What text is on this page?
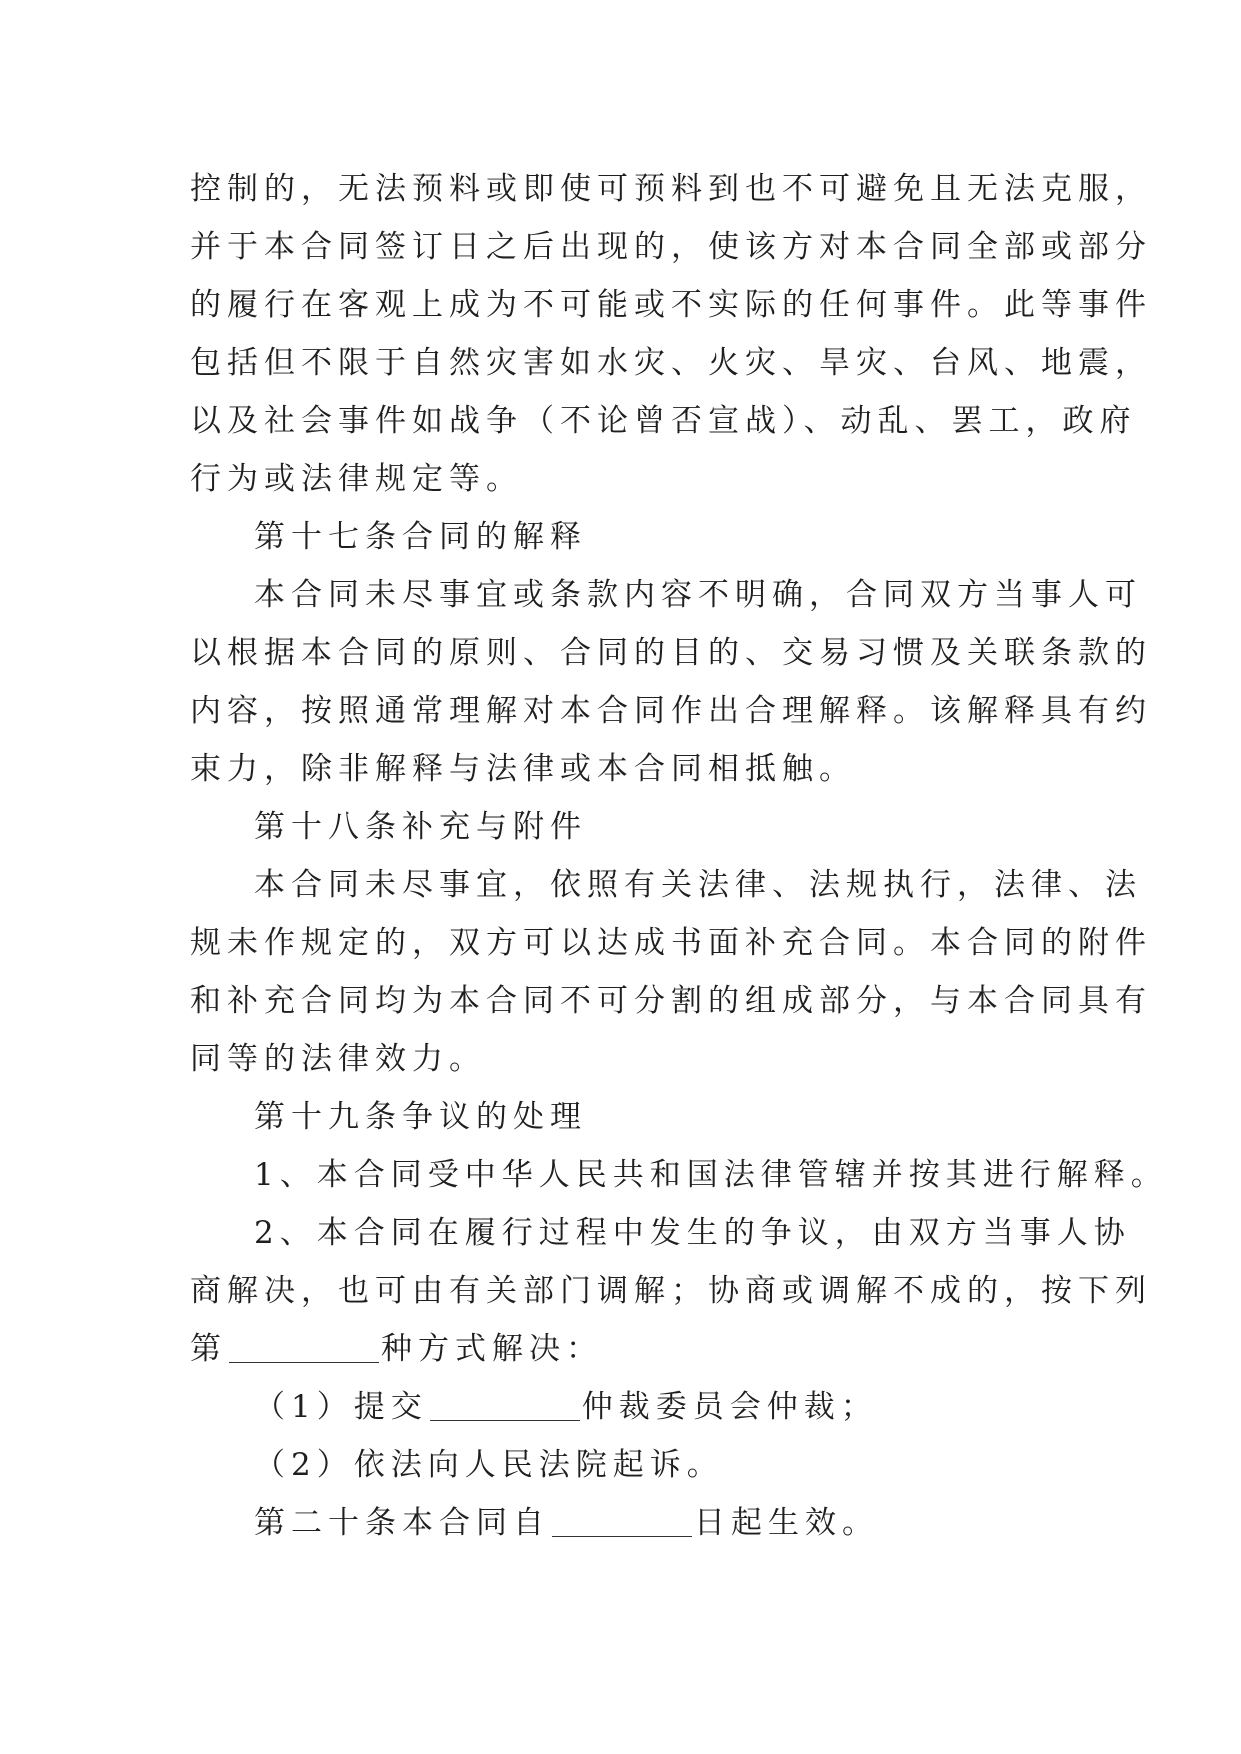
控制的，无法预料或即使可预料到也不可避免且无法克服，

并于本合同签订日之后出现的，使该方对本合同全部或部分

的履行在客观上成为不可能或不实际的任何事件。此等事件

包括但不限于自然灾害如水灾、火灾、旱灾、台风、地震，

以及社会事件如战争（不论曾否宣战）、动乱、罢工，政府

行为或法律规定等。

第十七条合同的解释

本合同未尽事宜或条款内容不明确，合同双方当事人可

以根据本合同的原则、合同的目的、交易习惯及关联条款的

内容，按照通常理解对本合同作出合理解释。该解释具有约

束力，除非解释与法律或本合同相抵触。

第十八条补充与附件

本合同未尽事宜，依照有关法律、法规执行，法律、法

规未作规定的，双方可以达成书面补充合同。本合同的附件

和补充合同均为本合同不可分割的组成部分，与本合同具有

同等的法律效力。

第十九条争议的处理

1、本合同受中华人民共和国法律管辖并按其进行解释。

2、本合同在履行过程中发生的争议，由双方当事人协

商解决，也可由有关部门调解；协商或调解不成的，按下列

第	种方式解决：

（1）提交	仲裁委员会仲裁；

（2）依法向人民法院起诉。

第二十条本合同自	日起生效。
